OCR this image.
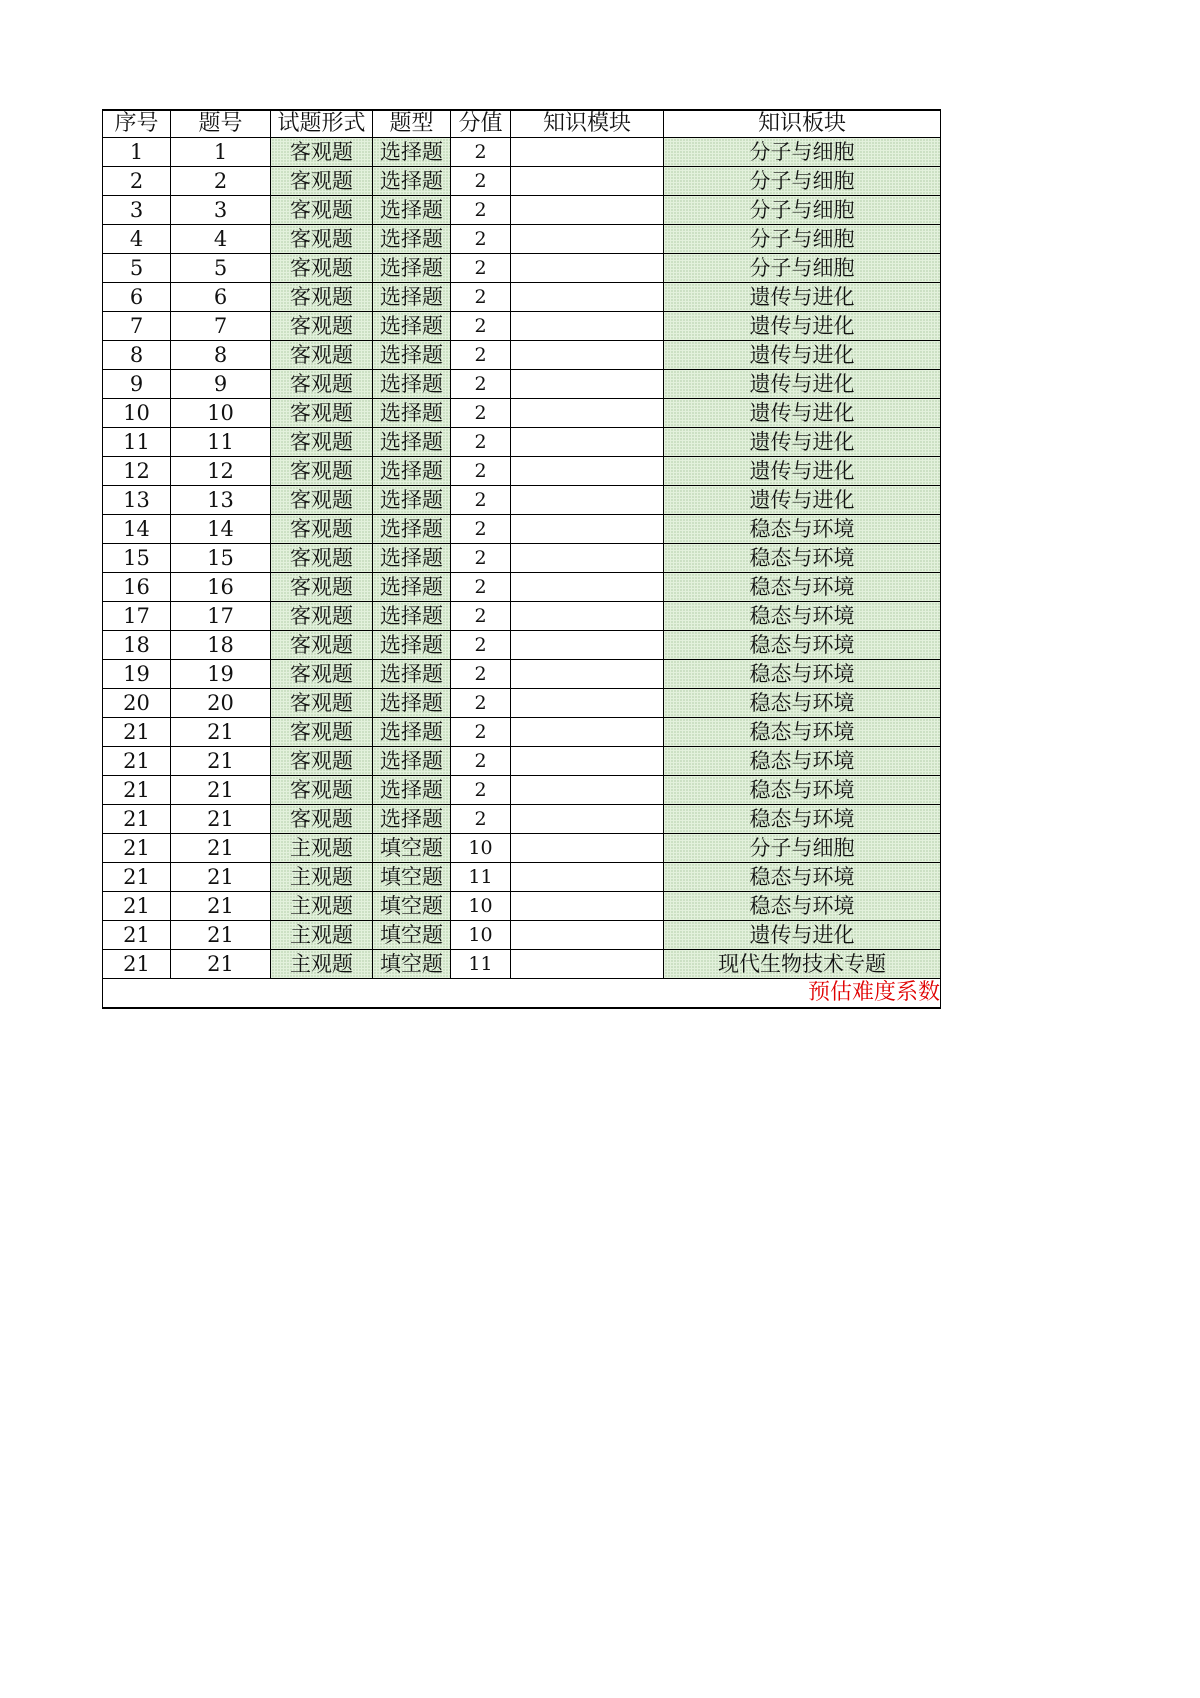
序号	题号	试题形式	题型	分值	知识模块	知识板块
1	1	客观题	选择题	2		分子与细胞
2	2	客观题	选择题	2		分子与细胞
3	3	客观题	选择题	2		分子与细胞
4	4	客观题	选择题	2		分子与细胞
5	5	客观题	选择题	2		分子与细胞
6	6	客观题	选择题	2		遗传与进化
7	7	客观题	选择题	2		遗传与进化
8	8	客观题	选择题	2		遗传与进化
9	9	客观题	选择题	2		遗传与进化
10	10	客观题	选择题	2		遗传与进化
11	11	客观题	选择题	2		遗传与进化
12	12	客观题	选择题	2		遗传与进化
13	13	客观题	选择题	2		遗传与进化
14	14	客观题	选择题	2		稳态与环境
15	15	客观题	选择题	2		稳态与环境
16	16	客观题	选择题	2		稳态与环境
17	17	客观题	选择题	2		稳态与环境
18	18	客观题	选择题	2		稳态与环境
19	19	客观题	选择题	2		稳态与环境
20	20	客观题	选择题	2		稳态与环境
21	21	客观题	选择题	2		稳态与环境
21	21	客观题	选择题	2		稳态与环境
21	21	客观题	选择题	2		稳态与环境
21	21	客观题	选择题	2		稳态与环境
21	21	主观题	填空题	10		分子与细胞
21	21	主观题	填空题	11		稳态与环境
21	21	主观题	填空题	10		稳态与环境
21	21	主观题	填空题	10		遗传与进化
21	21	主观题	填空题	11		现代生物技术专题
预估难度系数						
